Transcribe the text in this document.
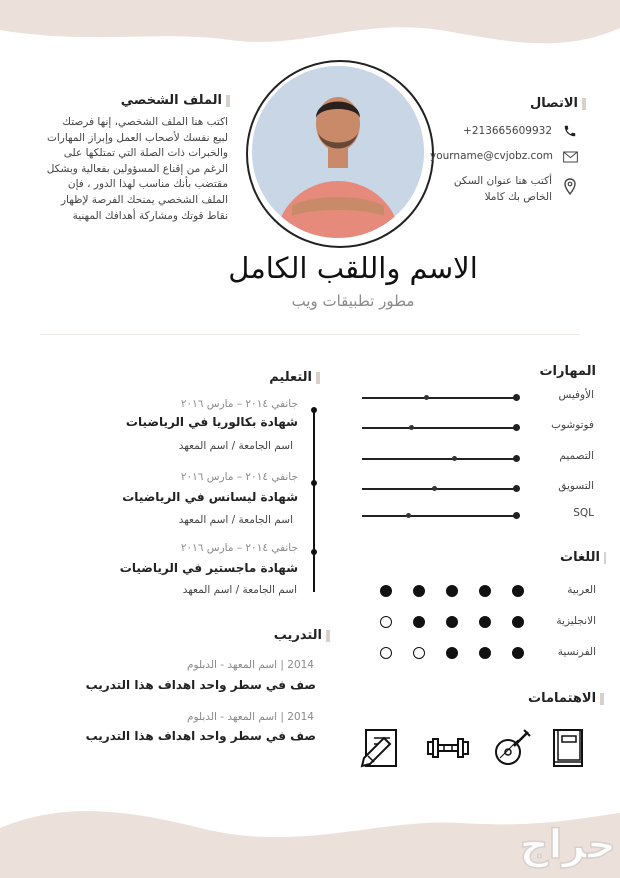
الملف الشخصي
اكتب هنا الملف الشخصي، إنها فرصتك
لبيع نفسك لأصحاب العمل وإبراز المهارات
والخبرات ذات الصلة التي تمتلكها على
الرغم من إقناع المسؤولين بفعالية وبشكل
مقتضب بأنك مناسب لهذا الدور ، فإن
الملف الشخصي يمنحك الفرصة لإظهار
نقاط قوتك ومشاركة أهدافك المهنية
الاتصال
+213665609932
yourname@cvjobz.com
أكتب هنا عنوان السكن
الخاص بك كاملا
الاسم واللقب الكامل
مطور تطبيقات ويب
التعليم
جانفي ٢٠١٤ – مارس ٢٠١٦
شهادة بكالوريا في الرياضيات
اسم الجامعة / اسم المعهد
جانفي ٢٠١٤ – مارس ٢٠١٦
شهادة ليسانس في الرياضيات
اسم الجامعة / اسم المعهد
جانفي ٢٠١٤ – مارس ٢٠١٦
شهادة ماجستير في الرياضيات
اسم الجامعة / اسم المعهد
التدريب
2014 | اسم المعهد - الدبلوم
صف في سطر واحد اهداف هذا التدريب
2014 | اسم المعهد - الدبلوم
صف في سطر واحد اهداف هذا التدريب
المهارات
الأوفيس
فوتوشوب
التصميم
التسويق
SQL
اللغات
العربية
الانجليزية
الفرنسية
الاهتمامات
حراج
